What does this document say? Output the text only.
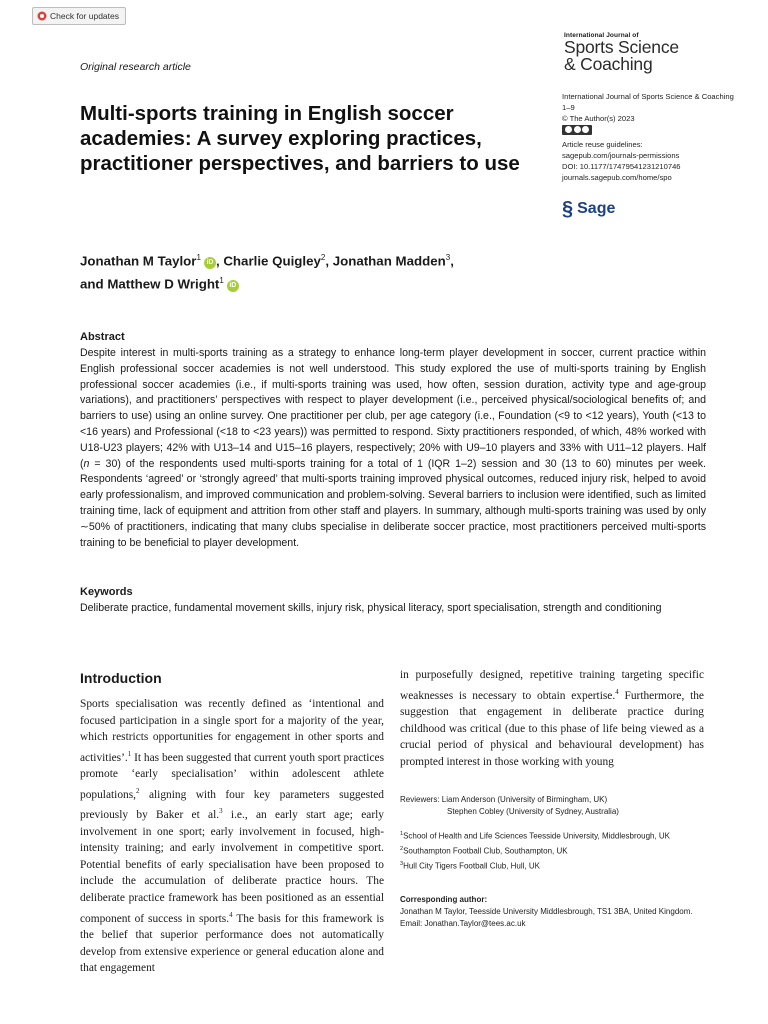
Check for updates
Original research article
International Journal of
Sports Science
& Coaching
Multi-sports training in English soccer academies: A survey exploring practices, practitioner perspectives, and barriers to use
International Journal of Sports Science & Coaching
1–9
© The Author(s) 2023
Article reuse guidelines:
sagepub.com/journals-permissions
DOI: 10.1177/17479541231210746
journals.sagepub.com/home/spo
§ Sage
Jonathan M Taylor$^1$iD , Charlie Quigley$^2$, Jonathan Madden$^3$,
and Matthew D Wright$^1$iD
Abstract
Despite interest in multi-sports training as a strategy to enhance long-term player development in soccer, current practice within English professional soccer academies is not well understood. This study explored the use of multi-sports training by English professional soccer academies (i.e., if multi-sports training was used, how often, session duration, activity type and age-group variations), and practitioners’ perspectives with respect to player development (i.e., perceived physical/sociological benefits of; and barriers to use) using an online survey. One practitioner per club, per age category (i.e., Foundation (<9 to <12 years), Youth (<13 to <16 years) and Professional (<18 to <23 years)) was permitted to respond. Sixty practitioners responded, of which, 48% worked with U18-U23 players; 42% with U13–14 and U15–16 players, respectively; 20% with U9–10 players and 33% with U11–12 players. Half (n = 30) of the respondents used multi-sports training for a total of 1 (IQR 1–2) session and 30 (13 to 60) minutes per week. Respondents ‘agreed’ or ‘strongly agreed’ that multi-sports training improved physical outcomes, reduced injury risk, helped to avoid early professionalism, and improved communication and problem-solving. Several barriers to inclusion were identified, such as limited training time, lack of equipment and attrition from other staff and players. In summary, although multi-sports training was used by only ∼50% of practitioners, indicating that many clubs specialise in deliberate soccer practice, most practitioners perceived multi-sports training to be beneficial to player development.
Keywords
Deliberate practice, fundamental movement skills, injury risk, physical literacy, sport specialisation, strength and conditioning
Introduction
Sports specialisation was recently defined as ‘intentional and focused participation in a single sport for a majority of the year, which restricts opportunities for engagement in other sports and activities’.$^1$ It has been suggested that current youth sport practices promote ‘early specialisation’ within adolescent athlete populations,$^2$ aligning with four key parameters suggested previously by Baker et al.$^3$ i.e., an early start age; early involvement in one sport; early involvement in focused, high-intensity training; and early involvement in competitive sport. Potential benefits of early specialisation have been proposed to include the accumulation of deliberate practice hours. The deliberate practice framework has been positioned as an essential component of success in sports.$^4$ The basis for this framework is the belief that superior performance does not automatically develop from extensive experience or general education alone and that engagement
in purposefully designed, repetitive training targeting specific weaknesses is necessary to obtain expertise.$^4$ Furthermore, the suggestion that engagement in deliberate practice during childhood was critical (due to this phase of life being viewed as a crucial period of physical and behavioural development) has prompted interest in those working with young
Reviewers: Liam Anderson (University of Birmingham, UK)
Stephen Cobley (University of Sydney, Australia)
$^1$School of Health and Life Sciences Teesside University, Middlesbrough, UK
$^2$Southampton Football Club, Southampton, UK
$^3$Hull City Tigers Football Club, Hull, UK
Corresponding author:
Jonathan M Taylor, Teesside University Middlesbrough, TS1 3BA, United Kingdom.
Email: Jonathan.Taylor@tees.ac.uk
